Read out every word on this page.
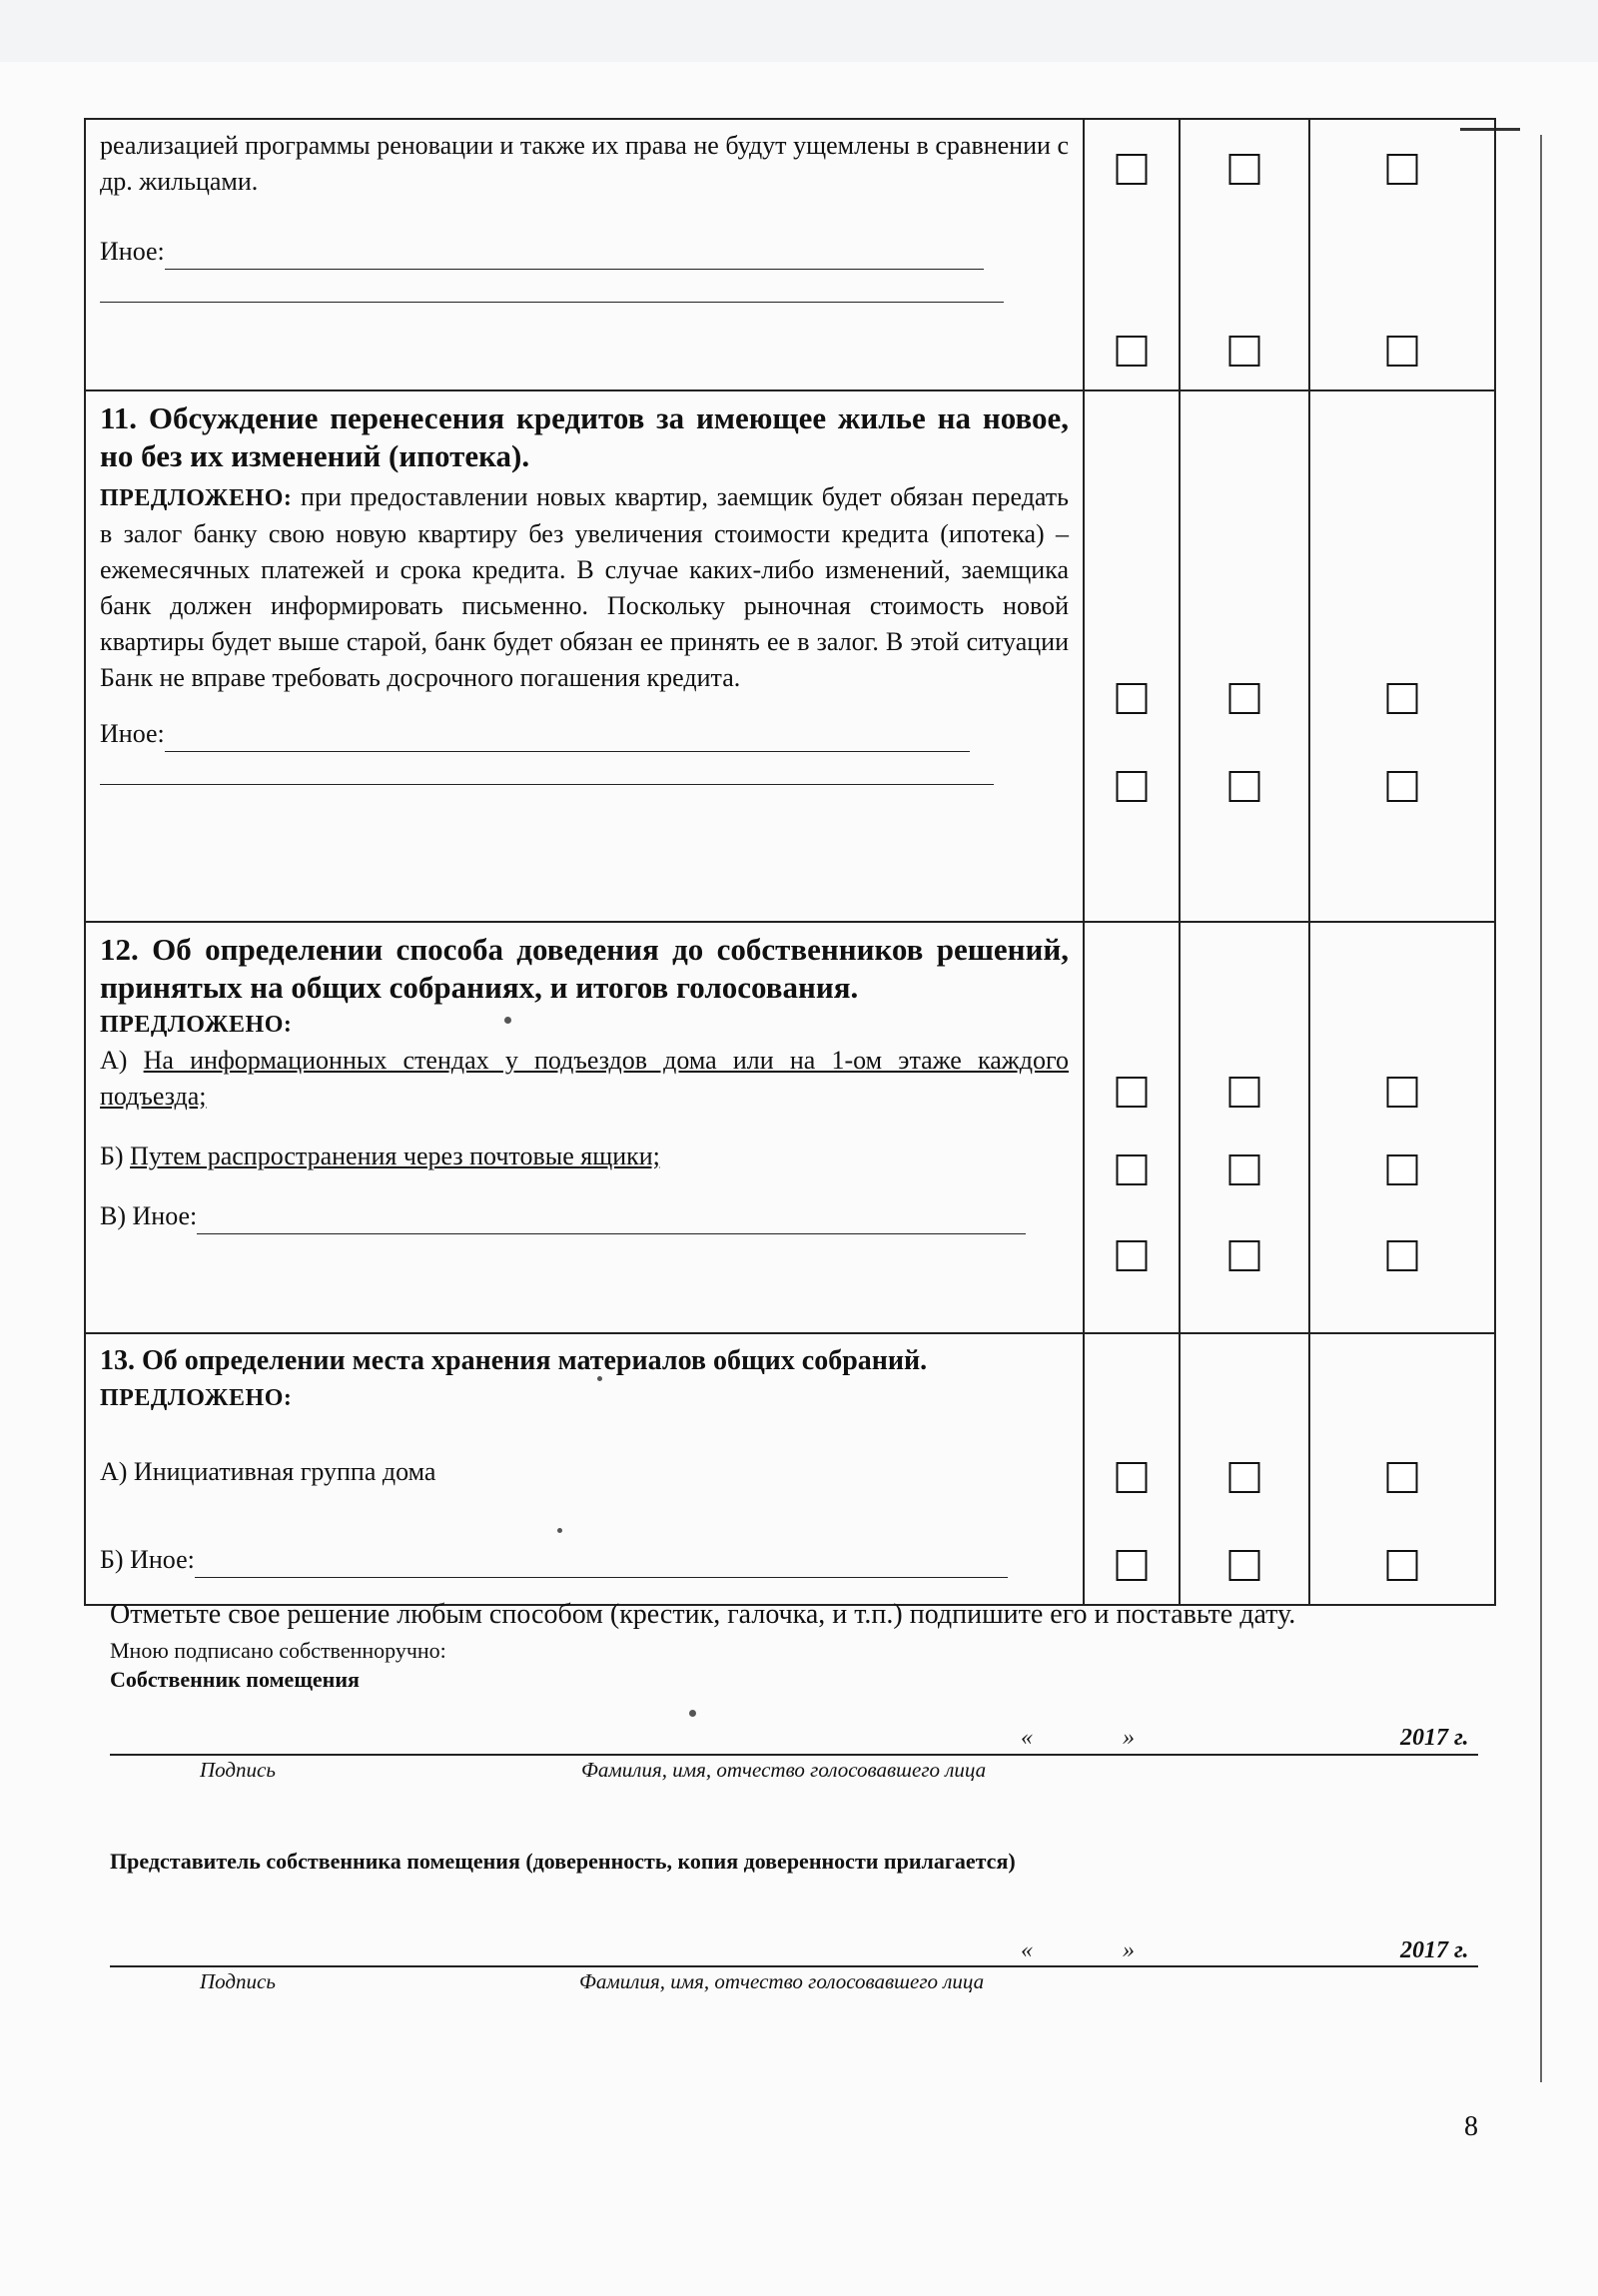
реализацией программы реновации и также их права не будут ущемлены в сравнении с др. жильцами.

Иное:			

11. Обсуждение перенесения кредитов за имеющее жилье на новое, но без их изменений (ипотека).

ПРЕДЛОЖЕНО: при предоставлении новых квартир, заемщик будет обязан передать в залог банку свою новую квартиру без увеличения стоимости кредита (ипотека) – ежемесячных платежей и срока кредита. В случае каких-либо изменений, заемщика банк должен информировать письменно. Поскольку рыночная стоимость новой квартиры будет выше старой, банк будет обязан ее принять ее в залог. В этой ситуации Банк не вправе требовать досрочного погашения кредита.

Иное:			

12. Об определении способа доведения до собственников решений, принятых на общих собраниях, и итогов голосования.

ПРЕДЛОЖЕНО:

А) На информационных стендах у подъездов дома или на 1-ом этаже каждого подъезда;

Б) Путем распространения через почтовые ящики;

В) Иное:			

13. Об определении места хранения материалов общих собраний.

ПРЕДЛОЖЕНО:

А) Инициативная группа дома

Б) Иное:			

Отметьте свое решение любым способом (крестик, галочка, и т.п.) подпишите его и поставьте дату.
Мною подписано собственноручно:
Собственник помещения
«	»	2017 г.
Подпись	Фамилия, имя, отчество голосовавшего лица
Представитель собственника помещения (доверенность, копия доверенности прилагается)
«	»	2017 г.
Подпись	Фамилия, имя, отчество голосовавшего лица
8
